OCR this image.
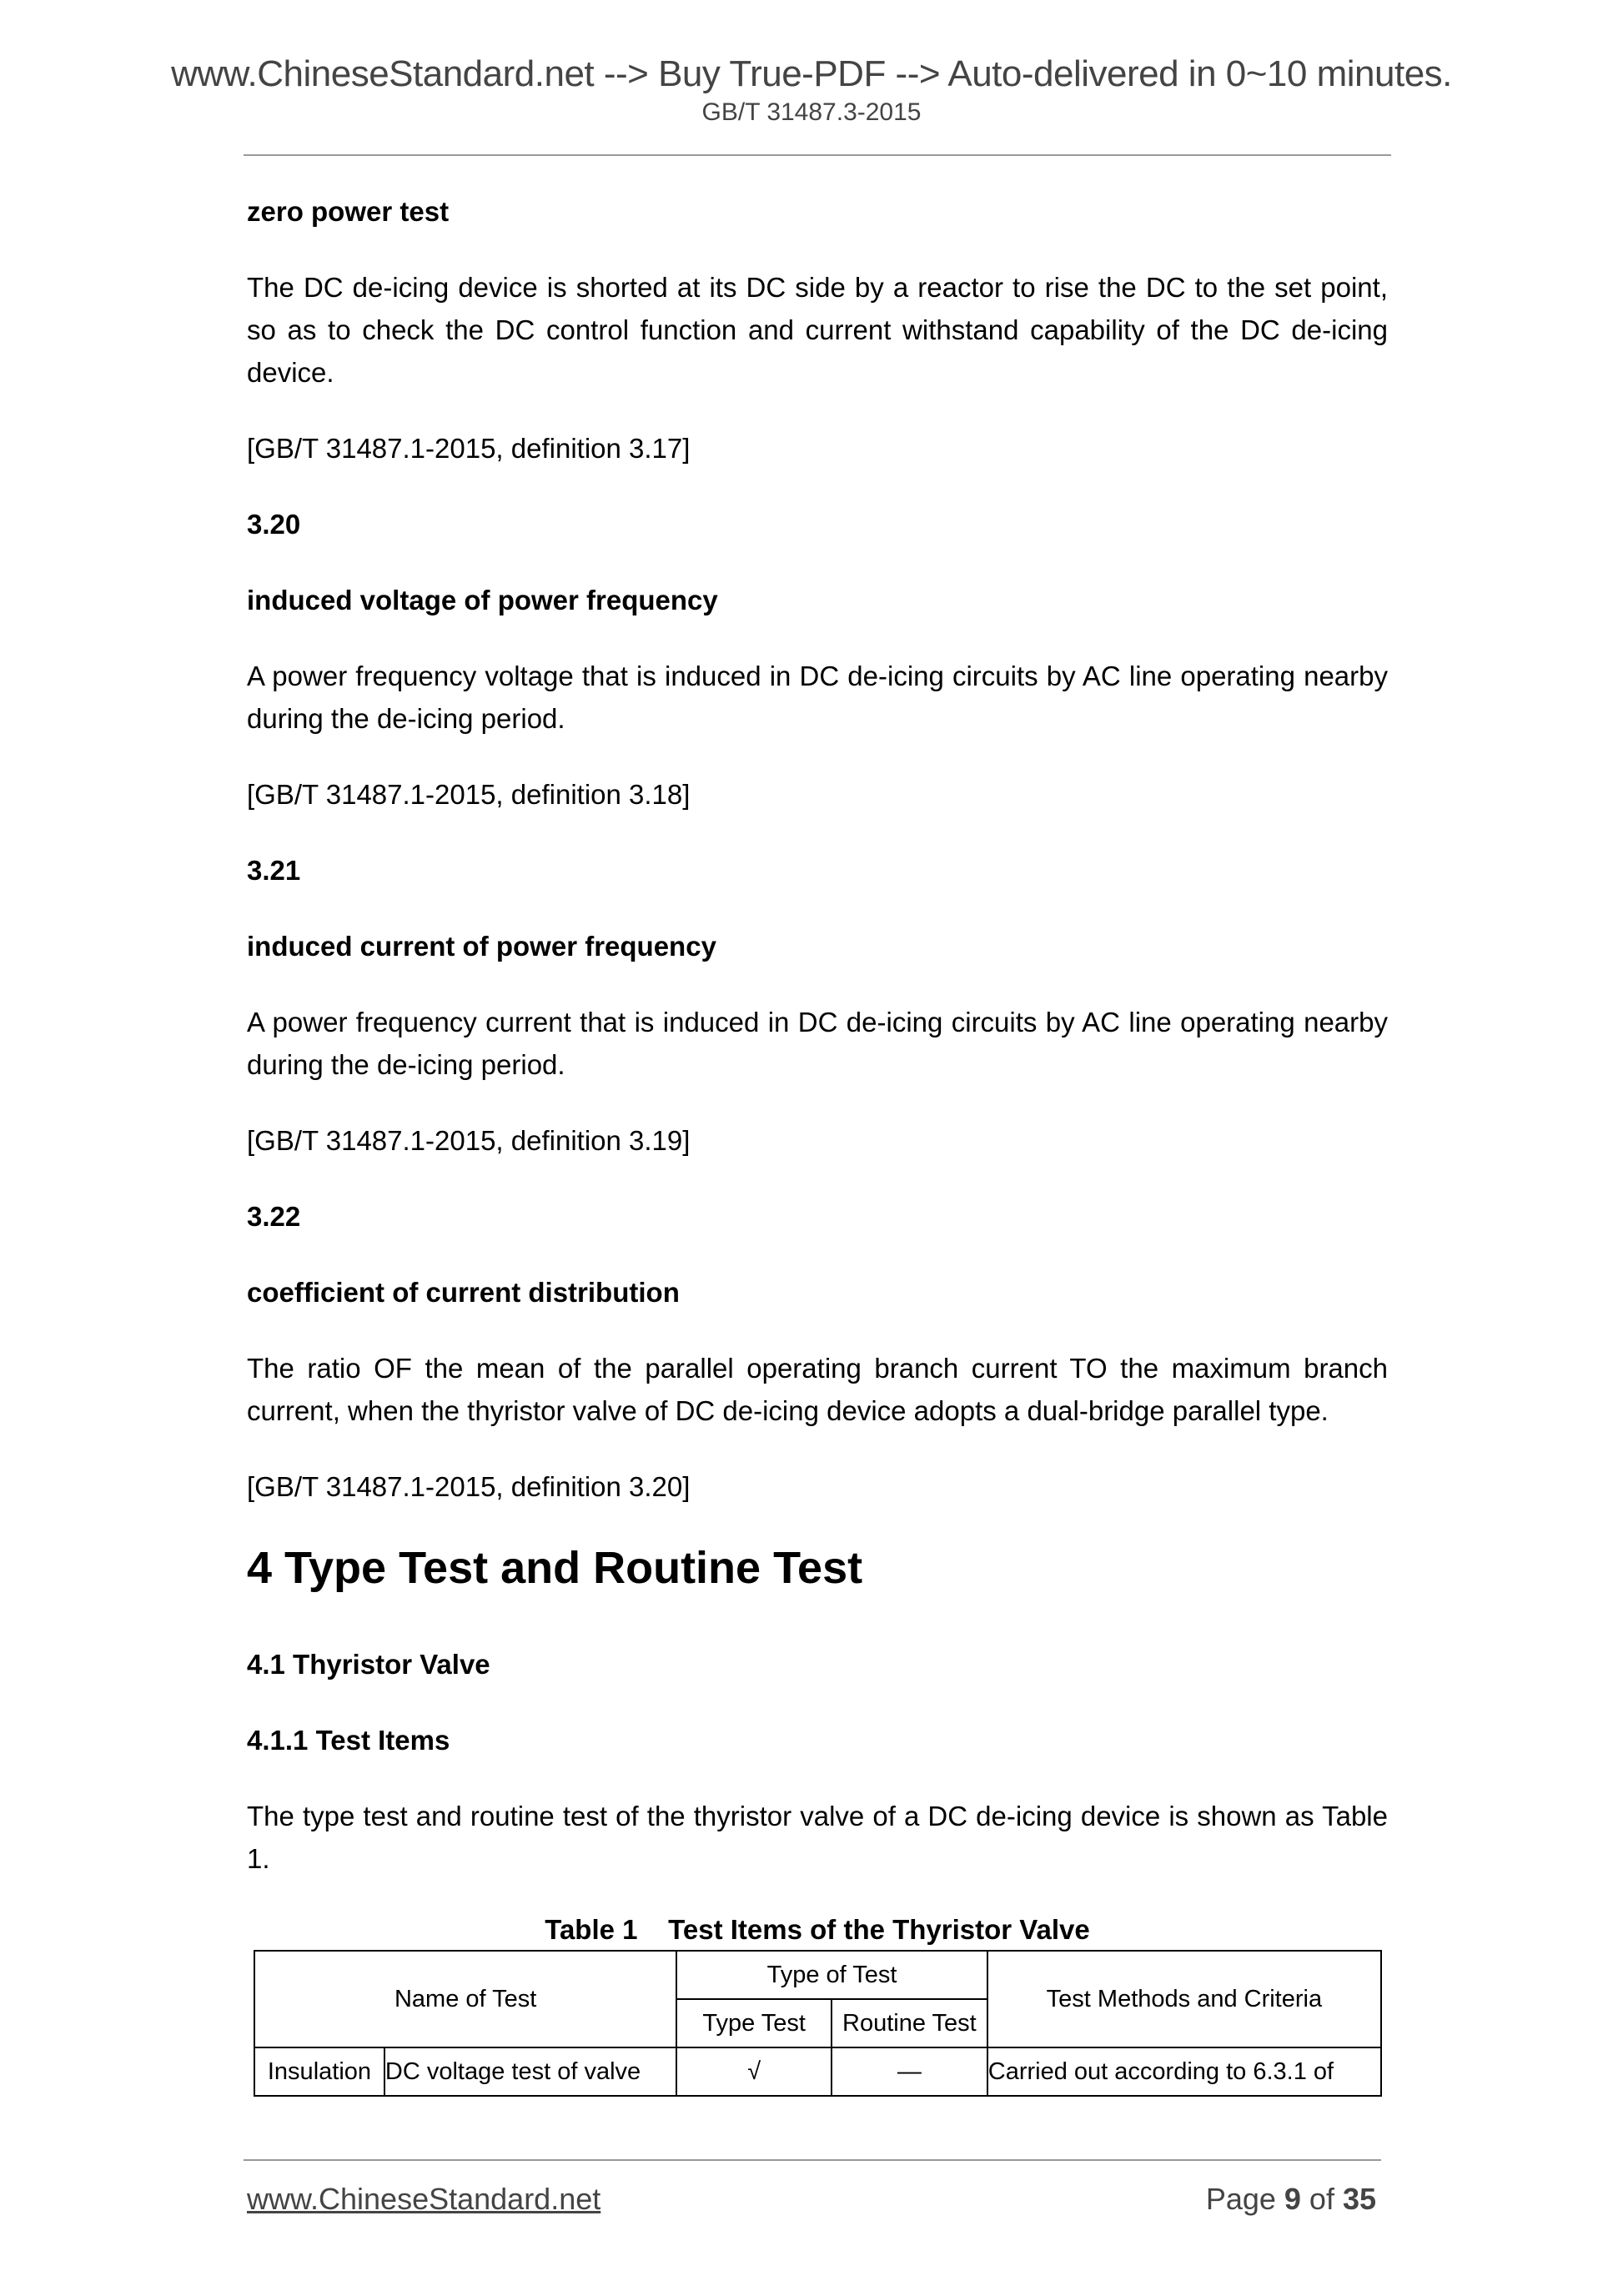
www.ChineseStandard.net --> Buy True-PDF --> Auto-delivered in 0~10 minutes.
GB/T 31487.3-2015
zero power test
The DC de-icing device is shorted at its DC side by a reactor to rise the DC to the set point, so as to check the DC control function and current withstand capability of the DC de-icing device.
[GB/T 31487.1-2015, definition 3.17]
3.20
induced voltage of power frequency
A power frequency voltage that is induced in DC de-icing circuits by AC line operating nearby during the de-icing period.
[GB/T 31487.1-2015, definition 3.18]
3.21
induced current of power frequency
A power frequency current that is induced in DC de-icing circuits by AC line operating nearby during the de-icing period.
[GB/T 31487.1-2015, definition 3.19]
3.22
coefficient of current distribution
The ratio OF the mean of the parallel operating branch current TO the maximum branch current, when the thyristor valve of DC de-icing device adopts a dual-bridge parallel type.
[GB/T 31487.1-2015, definition 3.20]
4 Type Test and Routine Test
4.1 Thyristor Valve
4.1.1 Test Items
The type test and routine test of the thyristor valve of a DC de-icing device is shown as Table 1.
Table 1    Test Items of the Thyristor Valve
Name of Test		Type of Test		Test Methods and Criteria
		Type Test	Routine Test	
Insulation	DC voltage test of valve	√	—	Carried out according to 6.3.1 of
www.ChineseStandard.net	Page 9 of 35
